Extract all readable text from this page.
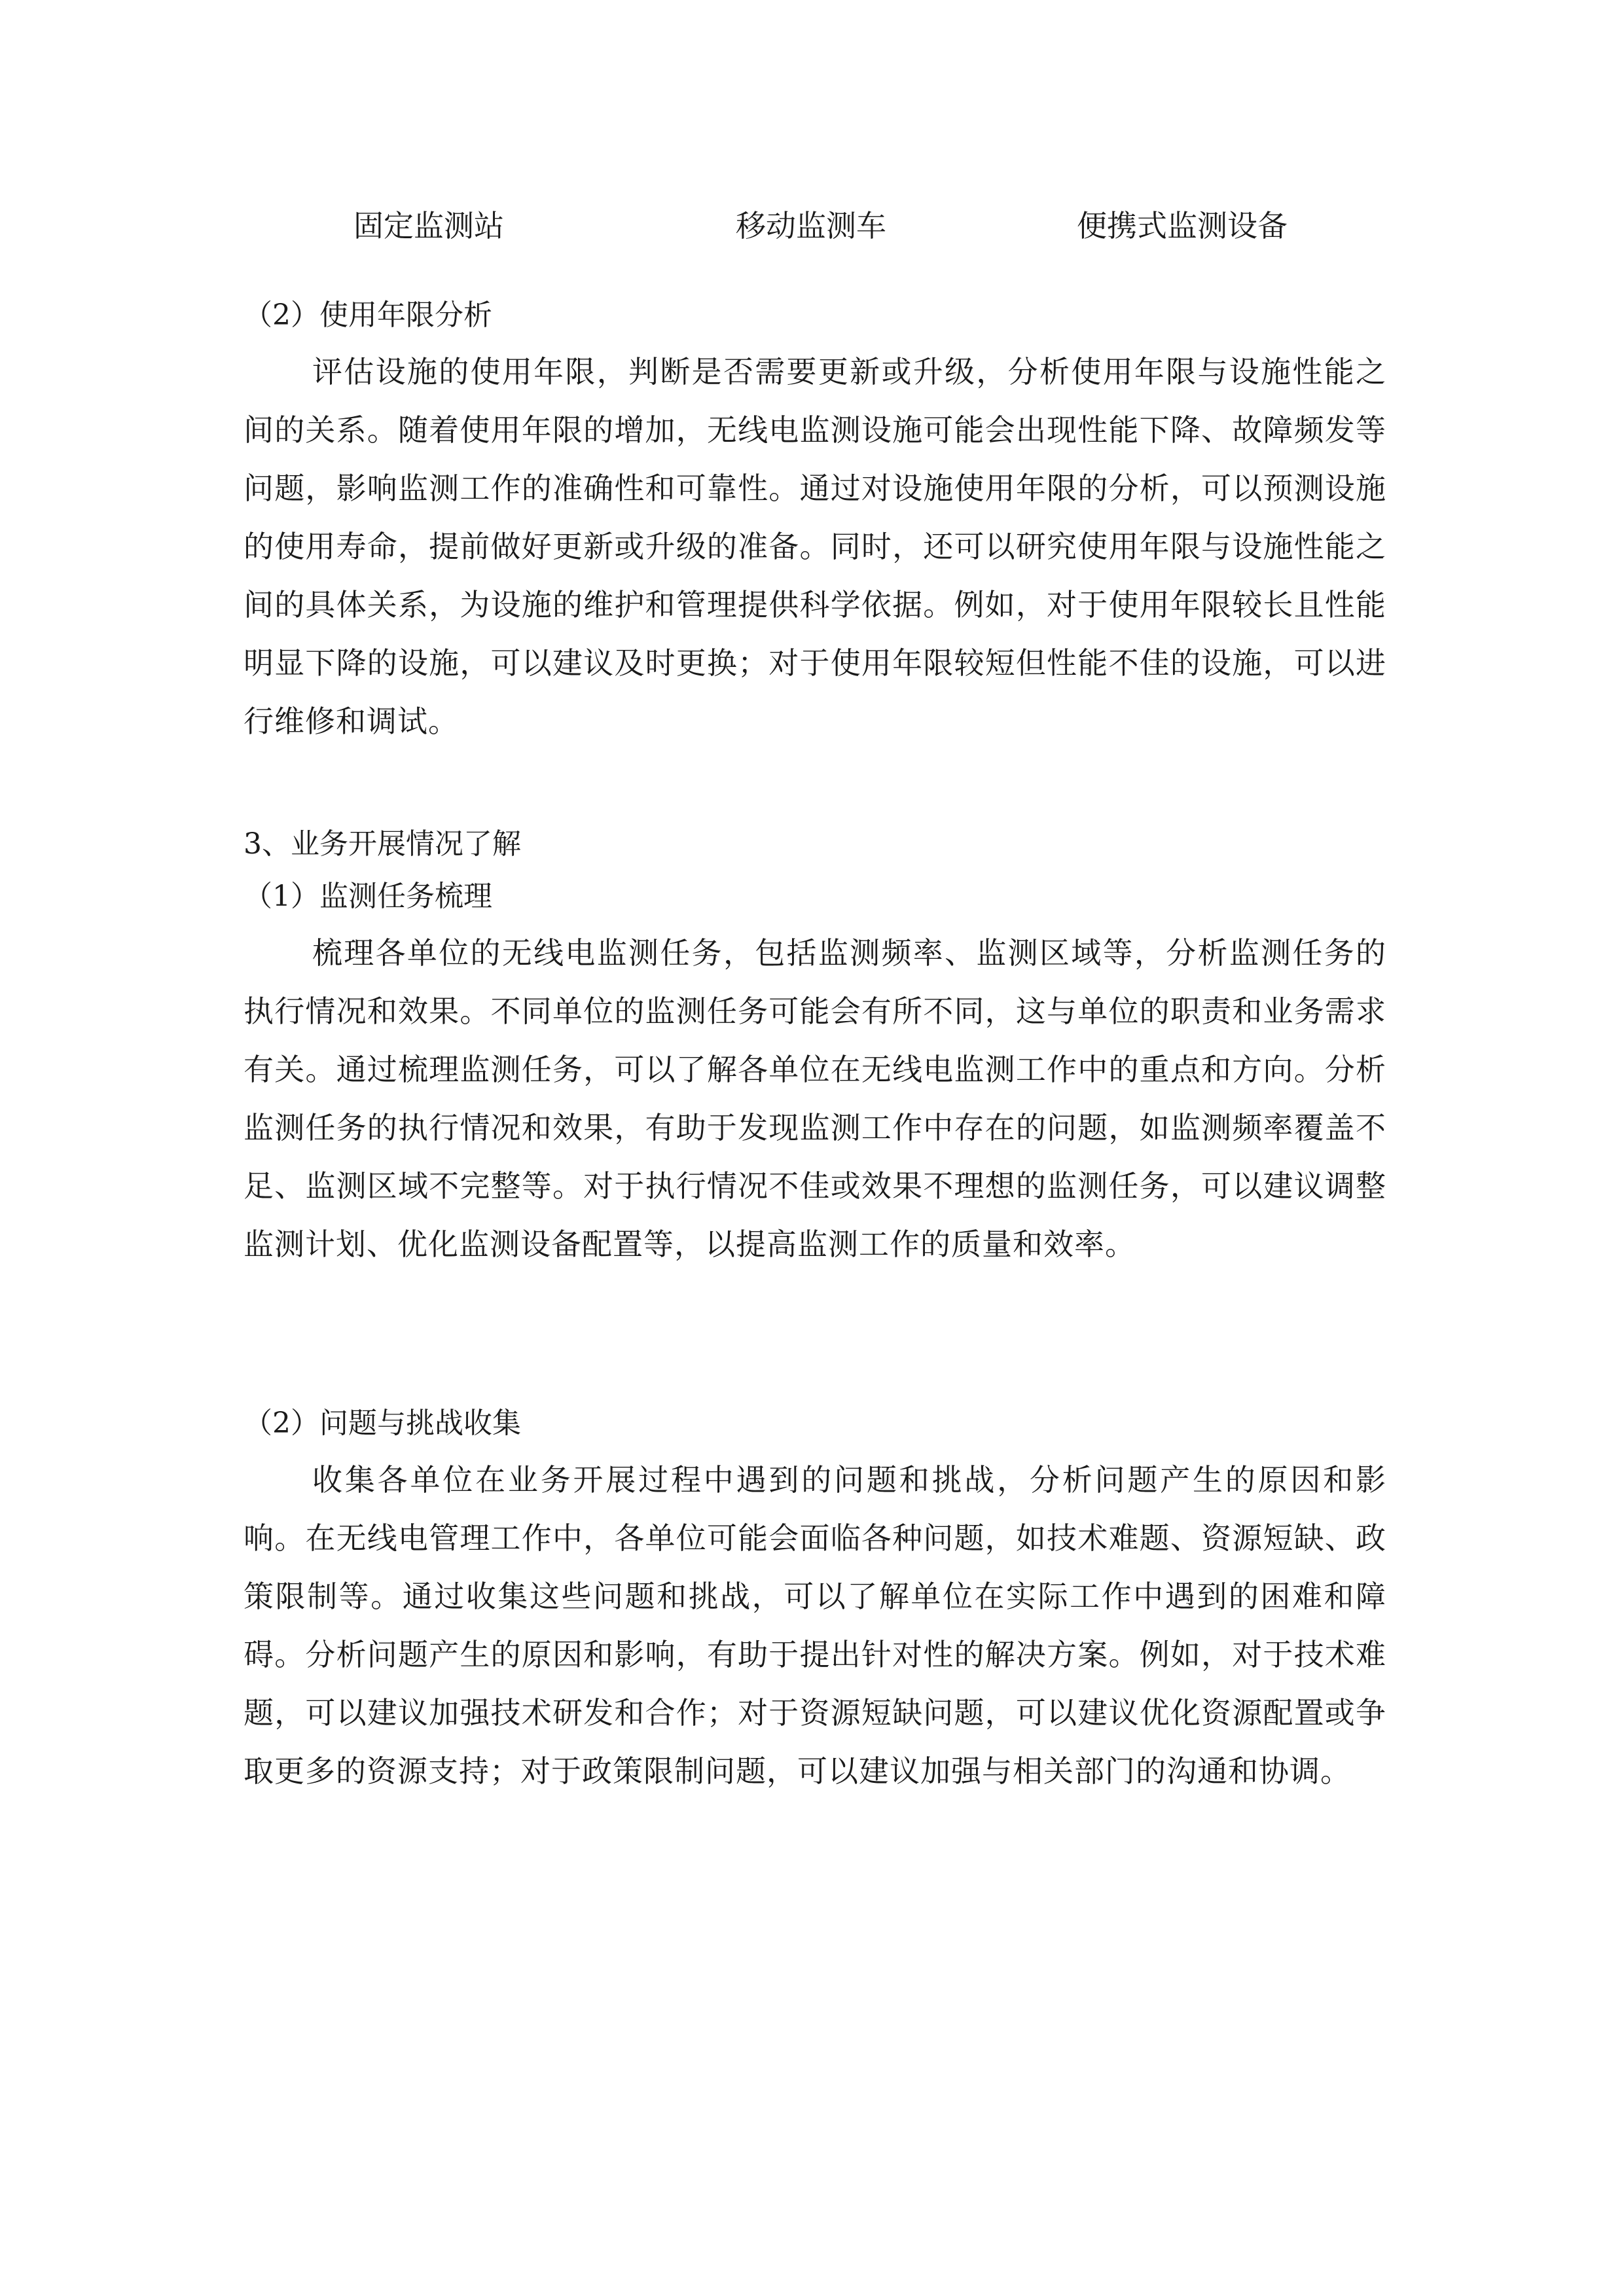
固定监测站	移动监测车	便携式监测设备
（2）使用年限分析

评估设施的使用年限，判断是否需要更新或升级，分析使用年限与设施性能之间的关系。随着使用年限的增加，无线电监测设施可能会出现性能下降、故障频发等问题，影响监测工作的准确性和可靠性。通过对设施使用年限的分析，可以预测设施的使用寿命，提前做好更新或升级的准备。同时，还可以研究使用年限与设施性能之间的具体关系，为设施的维护和管理提供科学依据。例如，对于使用年限较长且性能明显下降的设施，可以建议及时更换；对于使用年限较短但性能不佳的设施，可以进行维修和调试。

3、业务开展情况了解
（1）监测任务梳理

梳理各单位的无线电监测任务，包括监测频率、监测区域等，分析监测任务的执行情况和效果。不同单位的监测任务可能会有所不同，这与单位的职责和业务需求有关。通过梳理监测任务，可以了解各单位在无线电监测工作中的重点和方向。分析监测任务的执行情况和效果，有助于发现监测工作中存在的问题，如监测频率覆盖不足、监测区域不完整等。对于执行情况不佳或效果不理想的监测任务，可以建议调整监测计划、优化监测设备配置等，以提高监测工作的质量和效率。

（2）问题与挑战收集

收集各单位在业务开展过程中遇到的问题和挑战，分析问题产生的原因和影响。在无线电管理工作中，各单位可能会面临各种问题，如技术难题、资源短缺、政策限制等。通过收集这些问题和挑战，可以了解单位在实际工作中遇到的困难和障碍。分析问题产生的原因和影响，有助于提出针对性的解决方案。例如，对于技术难题，可以建议加强技术研发和合作；对于资源短缺问题，可以建议优化资源配置或争取更多的资源支持；对于政策限制问题，可以建议加强与相关部门的沟通和协调。
